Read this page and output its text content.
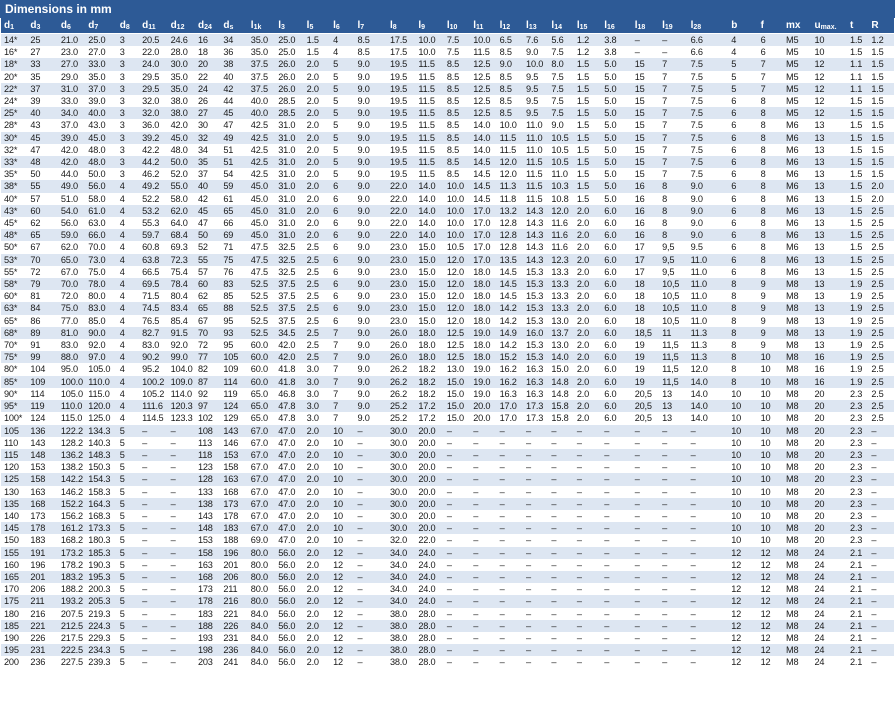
Dimensions in mm
$d_1$	$d_3$	$d_6$	$d_7$	$d_8$	$d_{11}$	$d_{12}$	$d_{24}$	$d_s$	$l_{1k}$	$l_3$	$l_5$	$l_6$	$l_7$	$l_8$	$l_9$	$l_{10}$	$l_{11}$	$l_{12}$	$l_{13}$	$l_{14}$	$l_{15}$	$l_{16}$	$l_{18}$	$l_{19}$	$l_{28}$	b	f	mx	$u_{max.}$	t	R
14*	25	21.0	25.0	3	20.5	24.6	16	34	35.0	25.0	1.5	4	8.5	17.5	10.0	7.5	10.0	6.5	7.6	5.6	1.2	3.8	–	–	6.6	4	6	M5	10	1.5	1.2
16*	27	23.0	27.0	3	22.0	28.0	18	36	35.0	25.0	1.5	4	8.5	17.5	10.0	7.5	11.5	8.5	9.0	7.5	1.2	3.8	–	–	6.6	4	6	M5	10	1.5	1.5
18*	33	27.0	33.0	3	24.0	30.0	20	38	37.5	26.0	2.0	5	9.0	19.5	11.5	8.5	12.5	9.0	10.0	8.0	1.5	5.0	15	7	7.5	5	7	M5	12	1.1	1.5
20*	35	29.0	35.0	3	29.5	35.0	22	40	37.5	26.0	2.0	5	9.0	19.5	11.5	8.5	12.5	8.5	9.5	7.5	1.5	5.0	15	7	7.5	5	7	M5	12	1.1	1.5
22*	37	31.0	37.0	3	29.5	35.0	24	42	37.5	26.0	2.0	5	9.0	19.5	11.5	8.5	12.5	8.5	9.5	7.5	1.5	5.0	15	7	7.5	5	7	M5	12	1.1	1.5
24*	39	33.0	39.0	3	32.0	38.0	26	44	40.0	28.5	2.0	5	9.0	19.5	11.5	8.5	12.5	8.5	9.5	7.5	1.5	5.0	15	7	7.5	6	8	M5	12	1.5	1.5
25*	40	34.0	40.0	3	32.0	38.0	27	45	40.0	28.5	2.0	5	9.0	19.5	11.5	8.5	12.5	8.5	9.5	7.5	1.5	5.0	15	7	7.5	6	8	M5	12	1.5	1.5
28*	43	37.0	43.0	3	36.0	42.0	30	47	42.5	31.0	2.0	5	9.0	19.5	11.5	8.5	14.0	10.0	11.0	9.0	1.5	5.0	15	7	7.5	6	8	M6	13	1.5	1.5
30*	45	39.0	45.0	3	39.2	45.0	32	49	42.5	31.0	2.0	5	9.0	19.5	11.5	8.5	14.0	11.5	11.0	10.5	1.5	5.0	15	7	7.5	6	8	M6	13	1.5	1.5
32*	47	42.0	48.0	3	42.2	48.0	34	51	42.5	31.0	2.0	5	9.0	19.5	11.5	8.5	14.0	11.5	11.0	10.5	1.5	5.0	15	7	7.5	6	8	M6	13	1.5	1.5
33*	48	42.0	48.0	3	44.2	50.0	35	51	42.5	31.0	2.0	5	9.0	19.5	11.5	8.5	14.5	12.0	11.5	10.5	1.5	5.0	15	7	7.5	6	8	M6	13	1.5	1.5
35*	50	44.0	50.0	3	46.2	52.0	37	54	42.5	31.0	2.0	5	9.0	19.5	11.5	8.5	14.5	12.0	11.5	11.0	1.5	5.0	15	7	7.5	6	8	M6	13	1.5	1.5
38*	55	49.0	56.0	4	49.2	55.0	40	59	45.0	31.0	2.0	6	9.0	22.0	14.0	10.0	14.5	11.3	11.5	10.3	1.5	5.0	16	8	9.0	6	8	M6	13	1.5	2.0
40*	57	51.0	58.0	4	52.2	58.0	42	61	45.0	31.0	2.0	6	9.0	22.0	14.0	10.0	14.5	11.8	11.5	10.8	1.5	5.0	16	8	9.0	6	8	M6	13	1.5	2.0
43*	60	54.0	61.0	4	53.2	62.0	45	65	45.0	31.0	2.0	6	9.0	22.0	14.0	10.0	17.0	13.2	14.3	12.0	2.0	6.0	16	8	9.0	6	8	M6	13	1.5	2.5
45*	62	56.0	63.0	4	55.3	64.0	47	66	45.0	31.0	2.0	6	9.0	22.0	14.0	10.0	17.0	12.8	14.3	11.6	2.0	6.0	16	8	9.0	6	8	M6	13	1.5	2.5
48*	65	59.0	66.0	4	59.7	68.4	50	69	45.0	31.0	2.0	6	9.0	22.0	14.0	10.0	17.0	12.8	14.3	11.6	2.0	6.0	16	8	9.0	6	8	M6	13	1.5	2.5
50*	67	62.0	70.0	4	60.8	69.3	52	71	47.5	32.5	2.5	6	9.0	23.0	15.0	10.5	17.0	12.8	14.3	11.6	2.0	6.0	17	9,5	9.5	6	8	M6	13	1.5	2.5
53*	70	65.0	73.0	4	63.8	72.3	55	75	47.5	32.5	2.5	6	9.0	23.0	15.0	12.0	17.0	13.5	14.3	12.3	2.0	6.0	17	9,5	11.0	6	8	M6	13	1.5	2.5
55*	72	67.0	75.0	4	66.5	75.4	57	76	47.5	32.5	2.5	6	9.0	23.0	15.0	12.0	18.0	14.5	15.3	13.3	2.0	6.0	17	9,5	11.0	6	8	M6	13	1.5	2.5
58*	79	70.0	78.0	4	69.5	78.4	60	83	52.5	37.5	2.5	6	9.0	23.0	15.0	12.0	18.0	14.5	15.3	13.3	2.0	6.0	18	10,5	11.0	8	9	M8	13	1.9	2.5
60*	81	72.0	80.0	4	71.5	80.4	62	85	52.5	37.5	2.5	6	9.0	23.0	15.0	12.0	18.0	14.5	15.3	13.3	2.0	6.0	18	10,5	11.0	8	9	M8	13	1.9	2.5
63*	84	75.0	83.0	4	74.5	83.4	65	88	52.5	37.5	2.5	6	9.0	23.0	15.0	12.0	18.0	14.2	15.3	13.3	2.0	6.0	18	10,5	11.0	8	9	M8	13	1.9	2.5
65*	86	77.0	85.0	4	76.5	85.4	67	95	52.5	37.5	2.5	6	9.0	23.0	15.0	12.0	18.0	14.2	15.3	13.0	2.0	6.0	18	10,5	11.0	8	9	M8	13	1.9	2.5
68*	89	81.0	90.0	4	82.7	91.5	70	93	52.5	34.5	2.5	7	9.0	26.0	18.0	12.5	19.0	14.9	16.0	13.7	2.0	6.0	18,5	11	11.3	8	9	M8	13	1.9	2.5
70*	91	83.0	92.0	4	83.0	92.0	72	95	60.0	42.0	2.5	7	9.0	26.0	18.0	12.5	18.0	14.2	15.3	13.0	2.0	6.0	19	11,5	11.3	8	9	M8	13	1.9	2.5
75*	99	88.0	97.0	4	90.2	99.0	77	105	60.0	42.0	2.5	7	9.0	26.0	18.0	12.5	18.0	15.2	15.3	14.0	2.0	6.0	19	11,5	11.3	8	10	M8	16	1.9	2.5
80*	104	95.0	105.0	4	95.2	104.0	82	109	60.0	41.8	3.0	7	9.0	26.2	18.2	13.0	19.0	16.2	16.3	15.0	2.0	6.0	19	11,5	12.0	8	10	M8	16	1.9	2.5
85*	109	100.0	110.0	4	100.2	109.0	87	114	60.0	41.8	3.0	7	9.0	26.2	18.2	15.0	19.0	16.2	16.3	14.8	2.0	6.0	19	11,5	14.0	8	10	M8	16	1.9	2.5
90*	114	105.0	115.0	4	105.2	114.0	92	119	65.0	46.8	3.0	7	9.0	26.2	18.2	15.0	19.0	16.3	16.3	14.8	2.0	6.0	20,5	13	14.0	10	10	M8	20	2.3	2.5
95*	119	110.0	120.0	4	111.6	120.3	97	124	65.0	47.8	3.0	7	9.0	25.2	17.2	15.0	20.0	17.0	17.3	15.8	2.0	6.0	20,5	13	14.0	10	10	M8	20	2.3	2.5
100*	124	115.0	125.0	4	114.5	123.3	102	129	65.0	47.8	3.0	7	9.0	25.2	17.2	15.0	20.0	17.0	17.3	15.8	2.0	6.0	20,5	13	14.0	10	10	M8	20	2.3	2.5
105	136	122.2	134.3	5	–	–	108	143	67.0	47.0	2.0	10	–	30.0	20.0	–	–	–	–	–	–	–	–	–	–	10	10	M8	20	2.3	–
110	143	128.2	140.3	5	–	–	113	146	67.0	47.0	2.0	10	–	30.0	20.0	–	–	–	–	–	–	–	–	–	–	10	10	M8	20	2.3	–
115	148	136.2	148.3	5	–	–	118	153	67.0	47.0	2.0	10	–	30.0	20.0	–	–	–	–	–	–	–	–	–	–	10	10	M8	20	2.3	–
120	153	138.2	150.3	5	–	–	123	158	67.0	47.0	2.0	10	–	30.0	20.0	–	–	–	–	–	–	–	–	–	–	10	10	M8	20	2.3	–
125	158	142.2	154.3	5	–	–	128	163	67.0	47.0	2.0	10	–	30.0	20.0	–	–	–	–	–	–	–	–	–	–	10	10	M8	20	2.3	–
130	163	146.2	158.3	5	–	–	133	168	67.0	47.0	2.0	10	–	30.0	20.0	–	–	–	–	–	–	–	–	–	–	10	10	M8	20	2.3	–
135	168	152.2	164.3	5	–	–	138	173	67.0	47.0	2.0	10	–	30.0	20.0	–	–	–	–	–	–	–	–	–	–	10	10	M8	20	2.3	–
140	173	156.2	168.3	5	–	–	143	178	67.0	47.0	2.0	10	–	30.0	20.0	–	–	–	–	–	–	–	–	–	–	10	10	M8	20	2.3	–
145	178	161.2	173.3	5	–	–	148	183	67.0	47.0	2.0	10	–	30.0	20.0	–	–	–	–	–	–	–	–	–	–	10	10	M8	20	2.3	–
150	183	168.2	180.3	5	–	–	153	188	69.0	47.0	2.0	10	–	32.0	22.0	–	–	–	–	–	–	–	–	–	–	10	10	M8	20	2.3	–
155	191	173.2	185.3	5	–	–	158	196	80.0	56.0	2.0	12	–	34.0	24.0	–	–	–	–	–	–	–	–	–	–	12	12	M8	24	2.1	–
160	196	178.2	190.3	5	–	–	163	201	80.0	56.0	2.0	12	–	34.0	24.0	–	–	–	–	–	–	–	–	–	–	12	12	M8	24	2.1	–
165	201	183.2	195.3	5	–	–	168	206	80.0	56.0	2.0	12	–	34.0	24.0	–	–	–	–	–	–	–	–	–	–	12	12	M8	24	2.1	–
170	206	188.2	200.3	5	–	–	173	211	80.0	56.0	2.0	12	–	34.0	24.0	–	–	–	–	–	–	–	–	–	–	12	12	M8	24	2.1	–
175	211	193.2	205.3	5	–	–	178	216	80.0	56.0	2.0	12	–	34.0	24.0	–	–	–	–	–	–	–	–	–	–	12	12	M8	24	2.1	–
180	216	207.5	219.3	5	–	–	183	221	84.0	56.0	2.0	12	–	38.0	28.0	–	–	–	–	–	–	–	–	–	–	12	12	M8	24	2.1	–
185	221	212.5	224.3	5	–	–	188	226	84.0	56.0	2.0	12	–	38.0	28.0	–	–	–	–	–	–	–	–	–	–	12	12	M8	24	2.1	–
190	226	217.5	229.3	5	–	–	193	231	84.0	56.0	2.0	12	–	38.0	28.0	–	–	–	–	–	–	–	–	–	–	12	12	M8	24	2.1	–
195	231	222.5	234.3	5	–	–	198	236	84.0	56.0	2.0	12	–	38.0	28.0	–	–	–	–	–	–	–	–	–	–	12	12	M8	24	2.1	–
200	236	227.5	239.3	5	–	–	203	241	84.0	56.0	2.0	12	–	38.0	28.0	–	–	–	–	–	–	–	–	–	–	12	12	M8	24	2.1	–
